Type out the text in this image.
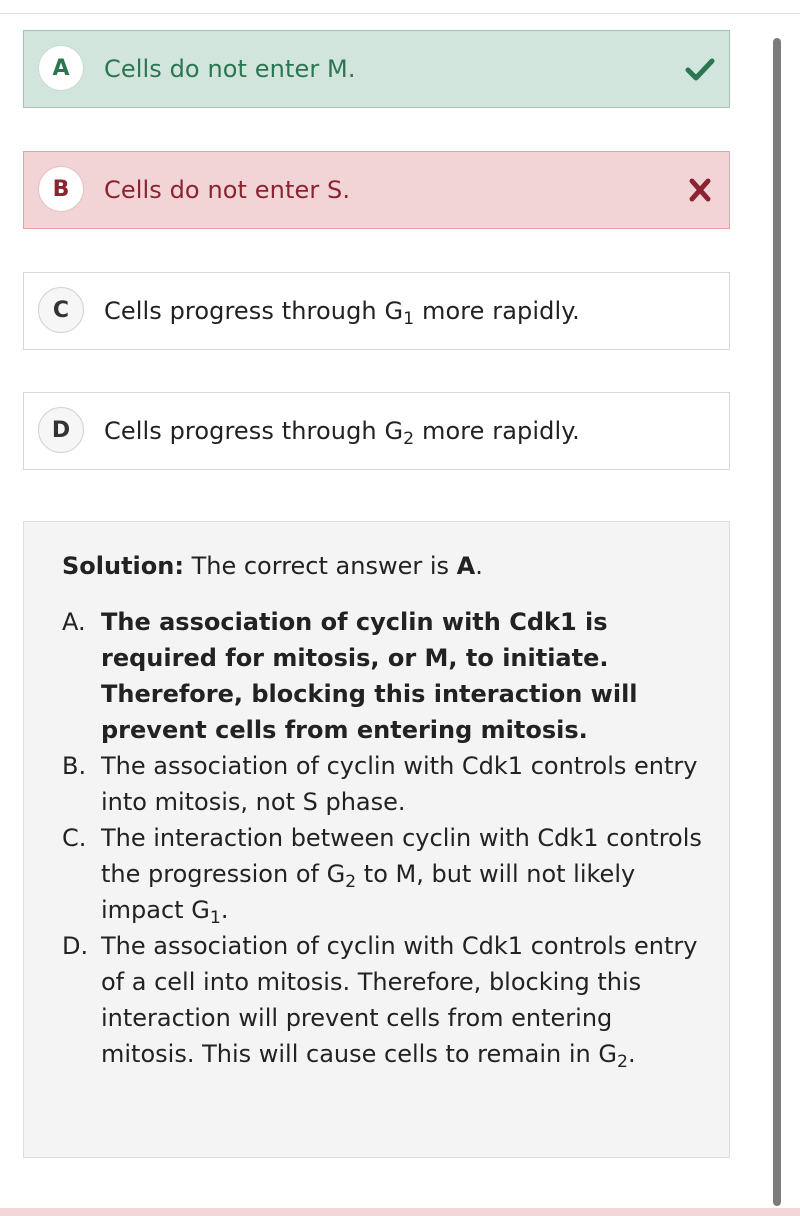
A	Cells do not enter M.
B	Cells do not enter S.
C	Cells progress through $G_1$ more rapidly.
D	Cells progress through $G_2$ more rapidly.
Solution: The correct answer is A.
A. The association of cyclin with Cdk1 is required for mitosis, or M, to initiate. Therefore, blocking this interaction will prevent cells from entering mitosis.
B. The association of cyclin with Cdk1 controls entry into mitosis, not S phase.
C. The interaction between cyclin with Cdk1 controls the progression of $G_2$ to M, but will not likely impact $G_1$.
D. The association of cyclin with Cdk1 controls entry of a cell into mitosis. Therefore, blocking this interaction will prevent cells from entering mitosis. This will cause cells to remain in $G_2$.
